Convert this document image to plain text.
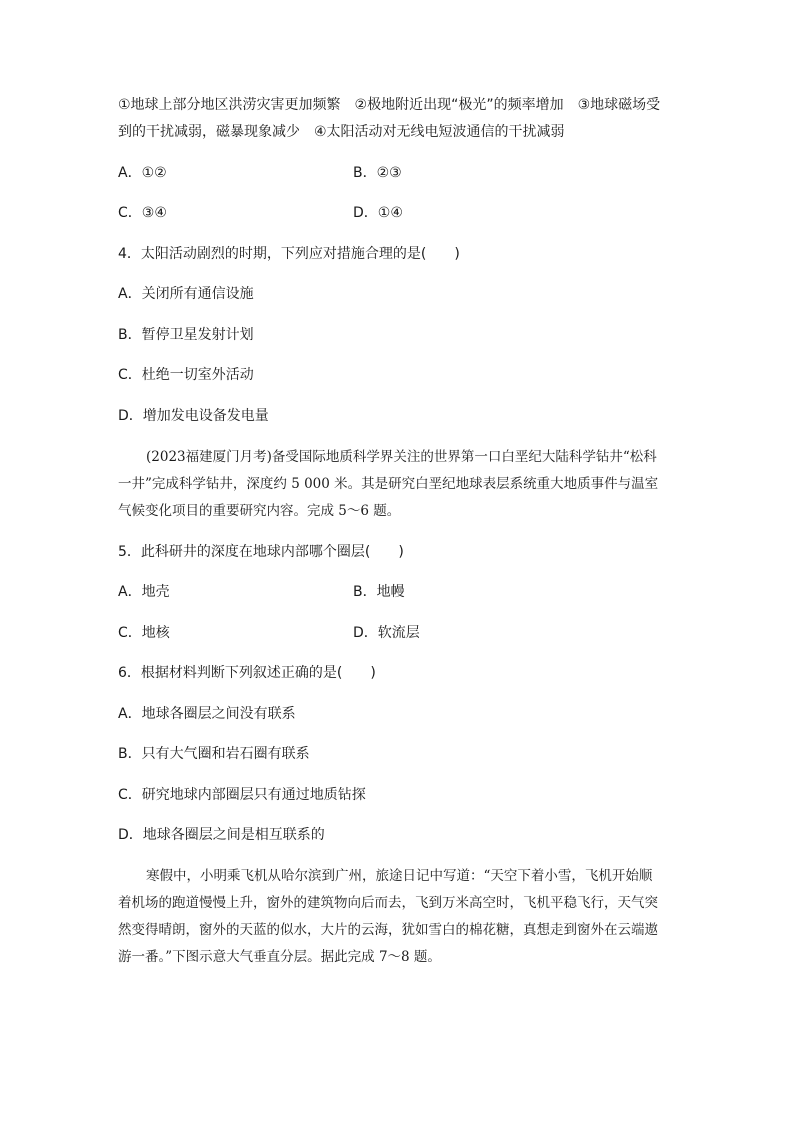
①地球上部分地区洪涝灾害更加频繁　②极地附近出现“极光”的频率增加　③地球磁场受
到的干扰减弱，磁暴现象减少　④太阳活动对无线电短波通信的干扰减弱
A．①②	B．②③
C．③④	D．①④
4．太阳活动剧烈的时期，下列应对措施合理的是(　　)
A．关闭所有通信设施
B．暂停卫星发射计划
C．杜绝一切室外活动
D．增加发电设备发电量
(2023福建厦门月考)备受国际地质科学界关注的世界第一口白垩纪大陆科学钻井“松科
一井”完成科学钻井，深度约 5 000 米。其是研究白垩纪地球表层系统重大地质事件与温室
气候变化项目的重要研究内容。完成 5～6 题。
5．此科研井的深度在地球内部哪个圈层(　　)
A．地壳	B．地幔
C．地核	D．软流层
6．根据材料判断下列叙述正确的是(　　)
A．地球各圈层之间没有联系
B．只有大气圈和岩石圈有联系
C．研究地球内部圈层只有通过地质钻探
D．地球各圈层之间是相互联系的
寒假中，小明乘飞机从哈尔滨到广州，旅途日记中写道：“天空下着小雪，飞机开始顺
着机场的跑道慢慢上升，窗外的建筑物向后而去，飞到万米高空时，飞机平稳飞行，天气突
然变得晴朗，窗外的天蓝的似水，大片的云海，犹如雪白的棉花糖，真想走到窗外在云端遨
游一番。”下图示意大气垂直分层。据此完成 7～8 题。
